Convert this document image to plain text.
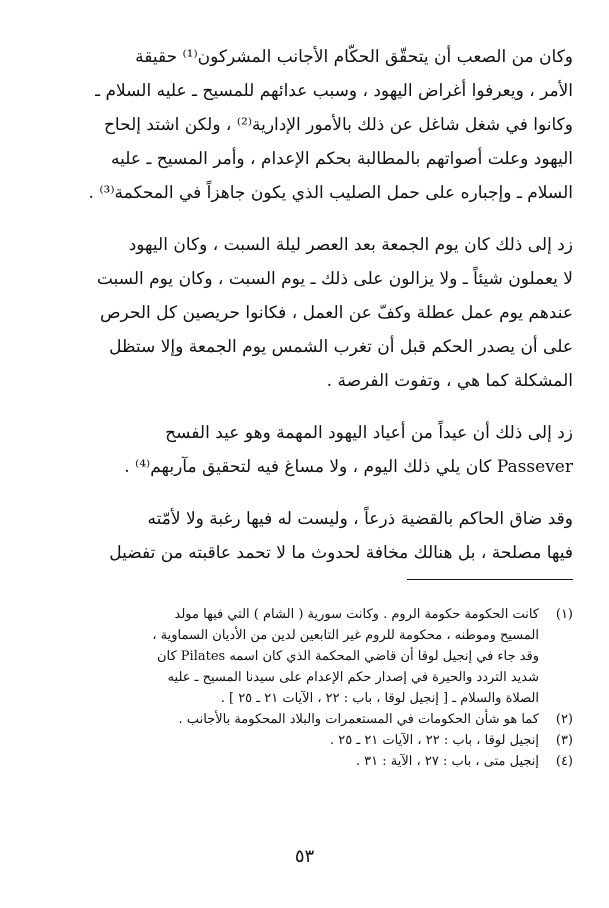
وكان من الصعب أن يتحقّق الحكّام الأجانب المشركون⁽¹⁾ حقيقة

الأمر ، ويعرفوا أغراض اليهود ، وسبب عدائهم للمسيح ـ عليه السلام ـ

وكانوا في شغل شاغل عن ذلك بالأمور الإدارية⁽²⁾ ، ولكن اشتد إلحاح

اليهود وعلت أصواتهم بالمطالبة بحكم الإعدام ، وأمر المسيح ـ عليه

السلام ـ وإجباره على حمل الصليب الذي يكون جاهزاً في المحكمة⁽³⁾ .

زد إلى ذلك كان يوم الجمعة بعد العصر ليلة السبت ، وكان اليهود

لا يعملون شيئاً ـ ولا يزالون على ذلك ـ يوم السبت ، وكان يوم السبت

عندهم يوم عمل عطلة وكفّ عن العمل ، فكانوا حريصين كل الحرص

على أن يصدر الحكم قبل أن تغرب الشمس يوم الجمعة وإلا ستظل

المشكلة كما هي ، وتفوت الفرصة .

زد إلى ذلك أن عيداً من أعياد اليهود المهمة وهو عيد الفسح

Passever كان يلي ذلك اليوم ، ولا مساغ فيه لتحقيق مآربهم⁽⁴⁾ .

وقد ضاق الحاكم بالقضية ذرعاً ، وليست له فيها رغبة ولا لأمّته

فيها مصلحة ، بل هنالك مخافة لحدوث ما لا تحمد عاقبته من تفضيل

(١)
كانت الحكومة حكومة الروم . وكانت سورية ( الشام ) التي فيها مولد
المسيح وموطنه ، محكومة للروم غير التابعين لدين من الأديان السماوية ،
وقد جاء في إنجيل لوقا أن قاضي المحكمة الذي كان اسمه Pilates كان
شديد التردد والحيرة في إصدار حكم الإعدام على سيدنا المسيح ـ عليه
الصلاة والسلام ـ [ إنجيل لوقا ، باب : ٢٢ ، الآيات ٢١ ـ ٢٥ ] .
(٢)
كما هو شأن الحكومات في المستعمرات والبلاد المحكومة بالأجانب .
(٣)
إنجيل لوقا ، باب : ٢٢ ، الآيات ٢١ ـ ٢٥ .
(٤)
إنجيل متى ، باب : ٢٧ ، الآية : ٣١ .
٥٣
